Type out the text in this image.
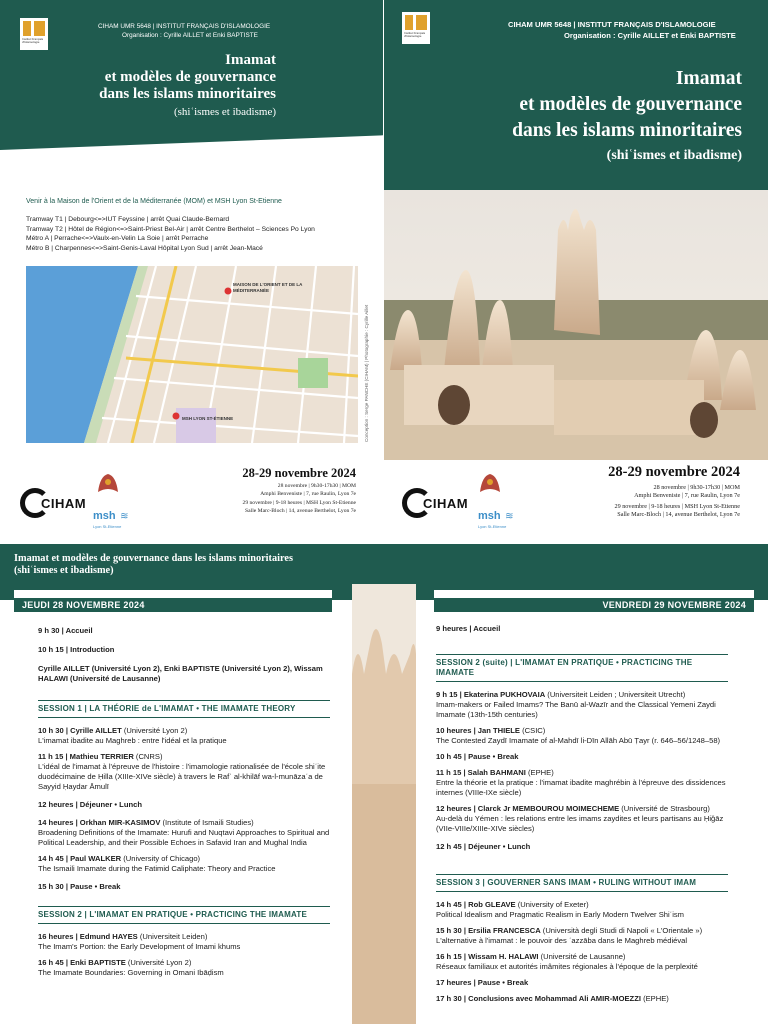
Institut Français d'Islamologie
CIHAM UMR 5648 | INSTITUT FRANÇAIS D'ISLAMOLOGIE
Organisation : Cyrille AILLET et Enki BAPTISTE
Imamat
et modèles de gouvernance
dans les islams minoritaires
(shiʿismes et ibadisme)
Venir à la Maison de l'Orient et de la Méditerranée (MOM) et MSH Lyon St-Etienne
Tramway T1 | Debourg<=>IUT Feyssine | arrêt Quai Claude-Bernard
Tramway T2 | Hôtel de Région<=>Saint-Priest Bel-Air | arrêt Centre Berthelot – Sciences Po Lyon
Métro A | Perrache<=>Vaulx-en-Velin La Soie | arrêt Perrache
Métro B | Charpennes<=>Saint-Genis-Laval Hôpital Lyon Sud | arrêt Jean-Macé
MAISON DE L'ORIENT ET DE LA MÉDITERRANÉE
MSH LYON ST-ÉTIENNE	Conception : Serge PANCHE (CIHAM) | Photographie : Cyrille Aillet
28-29 novembre 2024
28 novembre | 9h30-17h30 | MOM
Amphi Benveniste | 7, rue Raulin, Lyon 7e
29 novembre | 9-18 heures | MSH Lyon St-Etienne
Salle Marc-Bloch | 14, avenue Berthelot, Lyon 7e
CIHAM
msh ≋
Lyon St-Etienne
Institut Français d'Islamologie
CIHAM UMR 5648 | INSTITUT FRANÇAIS D'ISLAMOLOGIE
Organisation : Cyrille AILLET et Enki BAPTISTE
Imamat
et modèles de gouvernance
dans les islams minoritaires
(shiʿismes et ibadisme)
28-29 novembre 2024
28 novembre | 9h30-17h30 | MOM
Amphi Benveniste | 7, rue Raulin, Lyon 7e
29 novembre | 9-18 heures | MSH Lyon St-Etienne
Salle Marc-Bloch | 14, avenue Berthelot, Lyon 7e
CIHAM
msh ≋
Lyon St-Etienne
Imamat et modèles de gouvernance dans les islams minoritaires
(shiʿismes et ibadisme)
JEUDI 28 NOVEMBRE 2024	VENDREDI 29 NOVEMBRE 2024
9 h 30 | Accueil
10 h 15 | Introduction
Cyrille AILLET (Université Lyon 2), Enki BAPTISTE (Université Lyon 2), Wissam HALAWI (Université de Lausanne)
SESSION 1 | LA THÉORIE de L'IMAMAT • THE IMAMATE THEORY
10 h 30 | Cyrille AILLET (Université Lyon 2)
L'imamat ibadite au Maghreb : entre l'idéal et la pratique
11 h 15 | Mathieu TERRIER (CNRS)
L'idéal de l'imamat à l'épreuve de l'histoire : l'imamologie rationalisée de l'école shiʿite duodécimaine de Ḥilla (XIIIe-XIVe siècle) à travers le Rafʿ al-khilāf wa-l-munāzaʿa de Sayyid Ḥaydar Āmulī
12 heures | Déjeuner • Lunch
14 heures | Orkhan MIR-KASIMOV (Institute of Ismaili Studies)
Broadening Definitions of the Imamate: Hurufi and Nuqtavi Approaches to Spiritual and Political Leadership, and their Possible Echoes in Safavid Iran and Mughal India
14 h 45 | Paul WALKER (University of Chicago)
The Ismaili Imamate during the Fatimid Caliphate: Theory and Practice
15 h 30 | Pause • Break
SESSION 2 | L'IMAMAT EN PRATIQUE • PRACTICING THE IMAMATE
16 heures | Edmund HAYES (Universiteit Leiden)
The Imam's Portion: the Early Development of Imami khums
16 h 45 | Enki BAPTISTE (Université Lyon 2)
The Imamate Boundaries: Governing in Omani Ibāḍism
9 heures | Accueil
SESSION 2 (suite) | L'IMAMAT EN PRATIQUE • PRACTICING THE IMAMATE
9 h 15 | Ekaterina PUKHOVAIA (Universiteit Leiden ; Universiteit Utrecht)
Imam-makers or Failed Imams? The Banū al-Wazīr and the Classical Yemeni Zaydi Imamate (13th-15th centuries)
10 heures | Jan THIELE (CSIC)
The Contested Zaydī Imamate of al-Mahdī li-Dīn Allāh Abū Ṭayr (r. 646–56/1248–58)
10 h 45 | Pause • Break
11 h 15 | Salah BAHMANI (EPHE)
Entre la théorie et la pratique : l'imamat ibadite maghrébin à l'épreuve des dissidences internes (VIIIe-IXe siècle)
12 heures | Clarck Jr MEMBOUROU MOIMECHEME (Université de Strasbourg)
Au-delà du Yémen : les relations entre les imams zaydites et leurs partisans au Ḥiǧāz (VIIe-VIIIe/XIIIe-XIVe siècles)
12 h 45 | Déjeuner • Lunch
SESSION 3 | GOUVERNER SANS IMAM • RULING WITHOUT IMAM
14 h 45 | Rob GLEAVE (University of Exeter)
Political Idealism and Pragmatic Realism in Early Modern Twelver Shiʿism
15 h 30 | Ersilia FRANCESCA (Università degli Studi di Napoli « L'Orientale »)
L'alternative à l'imamat : le pouvoir des ʿazzāba dans le Maghreb médiéval
16 h 15 | Wissam H. HALAWI (Université de Lausanne)
Réseaux familiaux et autorités imâmites régionales à l'époque de la perplexité
17 heures | Pause • Break
17 h 30 | Conclusions avec Mohammad Ali AMIR-MOEZZI (EPHE)
